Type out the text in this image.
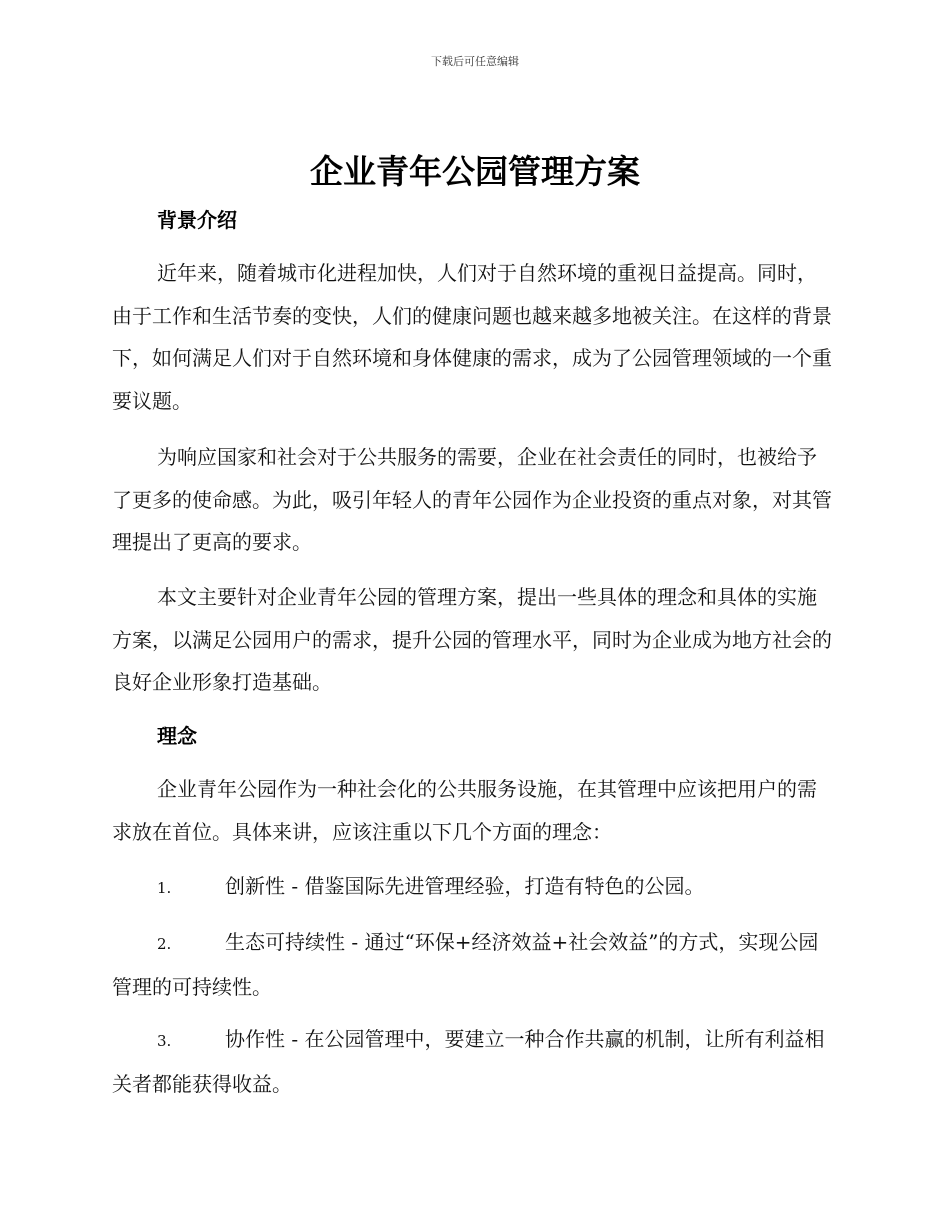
下载后可任意编辑
企业青年公园管理方案
背景介绍

近年来，随着城市化进程加快，人们对于自然环境的重视日益提高。同时，由于工作和生活节奏的变快，人们的健康问题也越来越多地被关注。在这样的背景下，如何满足人们对于自然环境和身体健康的需求，成为了公园管理领域的一个重要议题。

为响应国家和社会对于公共服务的需要，企业在社会责任的同时，也被给予了更多的使命感。为此，吸引年轻人的青年公园作为企业投资的重点对象，对其管理提出了更高的要求。

本文主要针对企业青年公园的管理方案，提出一些具体的理念和具体的实施方案，以满足公园用户的需求，提升公园的管理水平，同时为企业成为地方社会的良好企业形象打造基础。

理念

企业青年公园作为一种社会化的公共服务设施，在其管理中应该把用户的需求放在首位。具体来讲，应该注重以下几个方面的理念：

1.	创新性 - 借鉴国际先进管理经验，打造有特色的公园。

2.	生态可持续性 - 通过“环保+经济效益+社会效益”的方式，实现公园管理的可持续性。

3.	协作性 - 在公园管理中，要建立一种合作共赢的机制，让所有利益相关者都能获得收益。
